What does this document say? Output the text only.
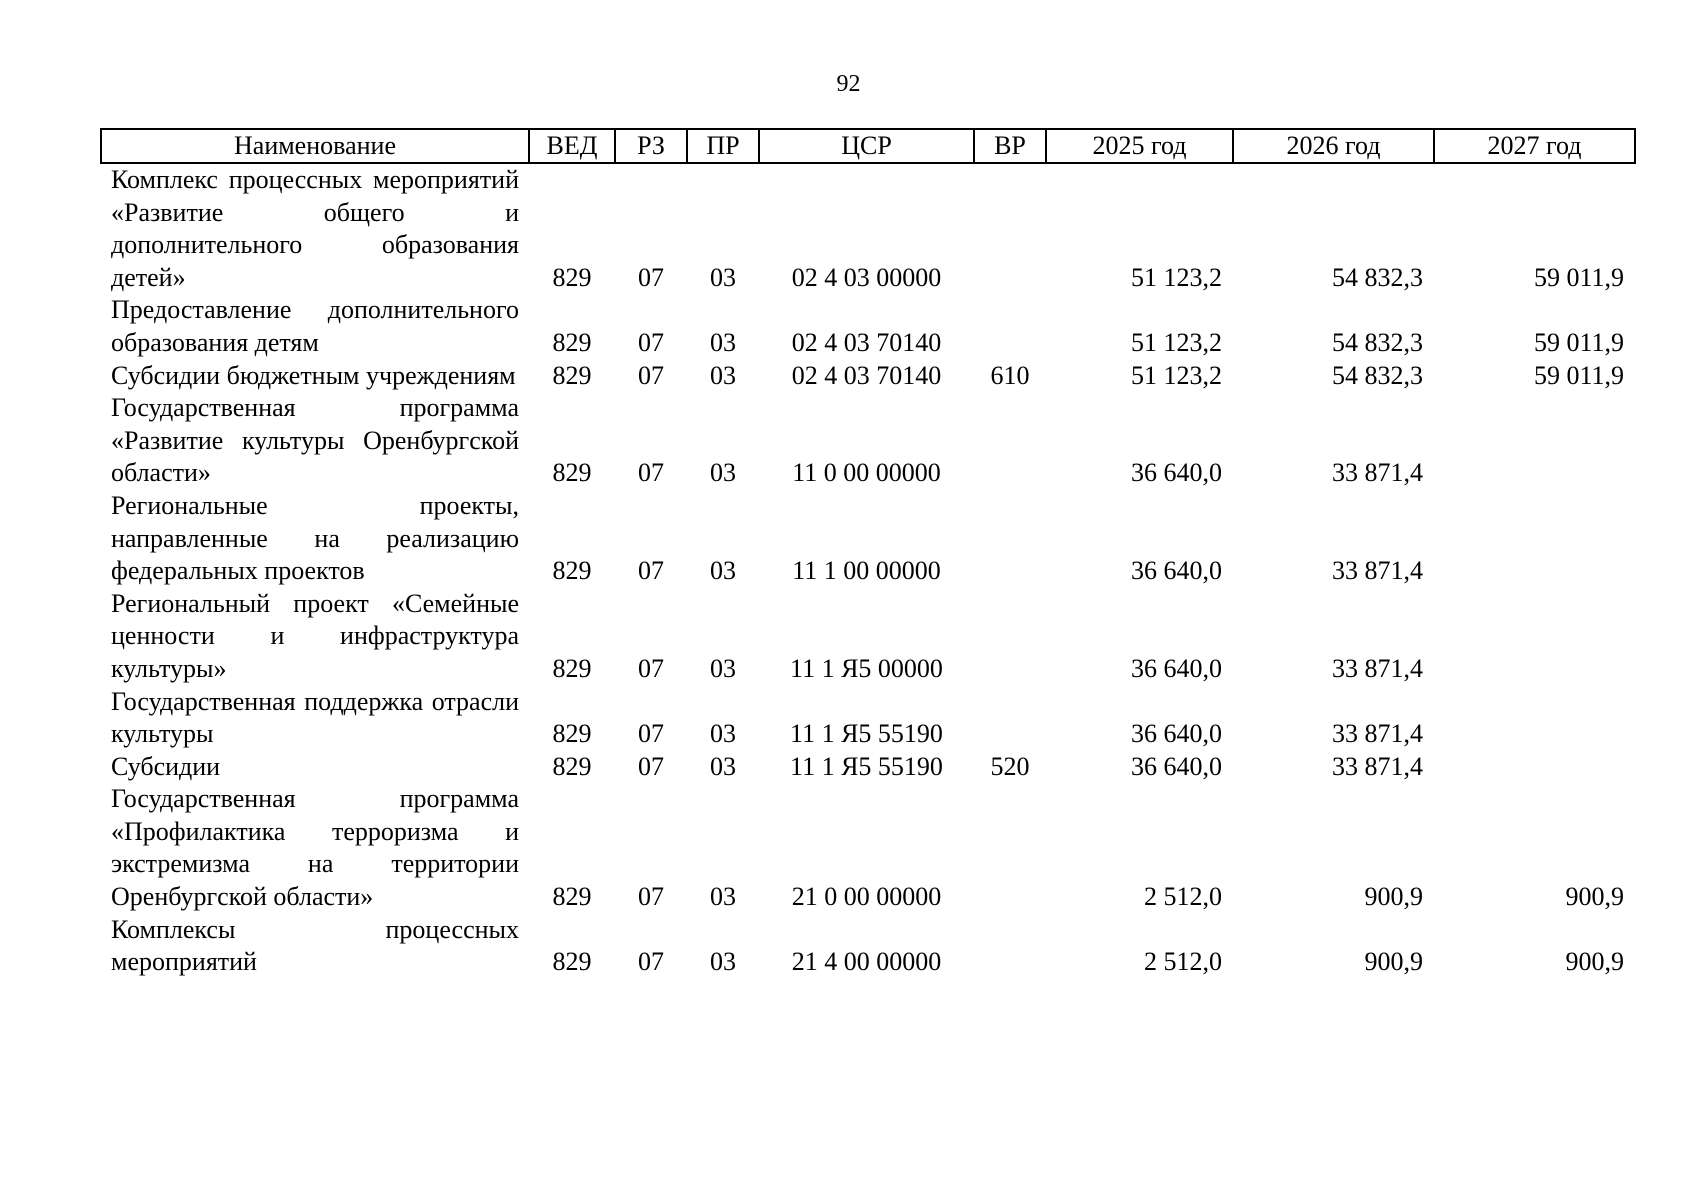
92
Наименование	ВЕД	РЗ	ПР	ЦСР	ВР	2025 год	2026 год	2027 год
Комплекс процессных мероприятий «Развитие общего и дополнительного образования детей»	829	07	03	02 4 03 00000		51 123,2	54 832,3	59 011,9
Предоставление дополнительного образования детям	829	07	03	02 4 03 70140		51 123,2	54 832,3	59 011,9
Субсидии бюджетным учреждениям	829	07	03	02 4 03 70140	610	51 123,2	54 832,3	59 011,9
Государственная программа «Развитие культуры Оренбургской области»	829	07	03	11 0 00 00000		36 640,0	33 871,4	
Региональные проекты, направленные на реализацию федеральных проектов	829	07	03	11 1 00 00000		36 640,0	33 871,4	
Региональный проект «Семейные ценности и инфраструктура культуры»	829	07	03	11 1 Я5 00000		36 640,0	33 871,4	
Государственная поддержка отрасли культуры	829	07	03	11 1 Я5 55190		36 640,0	33 871,4	
Субсидии	829	07	03	11 1 Я5 55190	520	36 640,0	33 871,4	
Государственная программа «Профилактика терроризма и экстремизма на территории Оренбургской области»	829	07	03	21 0 00 00000		2 512,0	900,9	900,9
Комплексы процессных мероприятий	829	07	03	21 4 00 00000		2 512,0	900,9	900,9
